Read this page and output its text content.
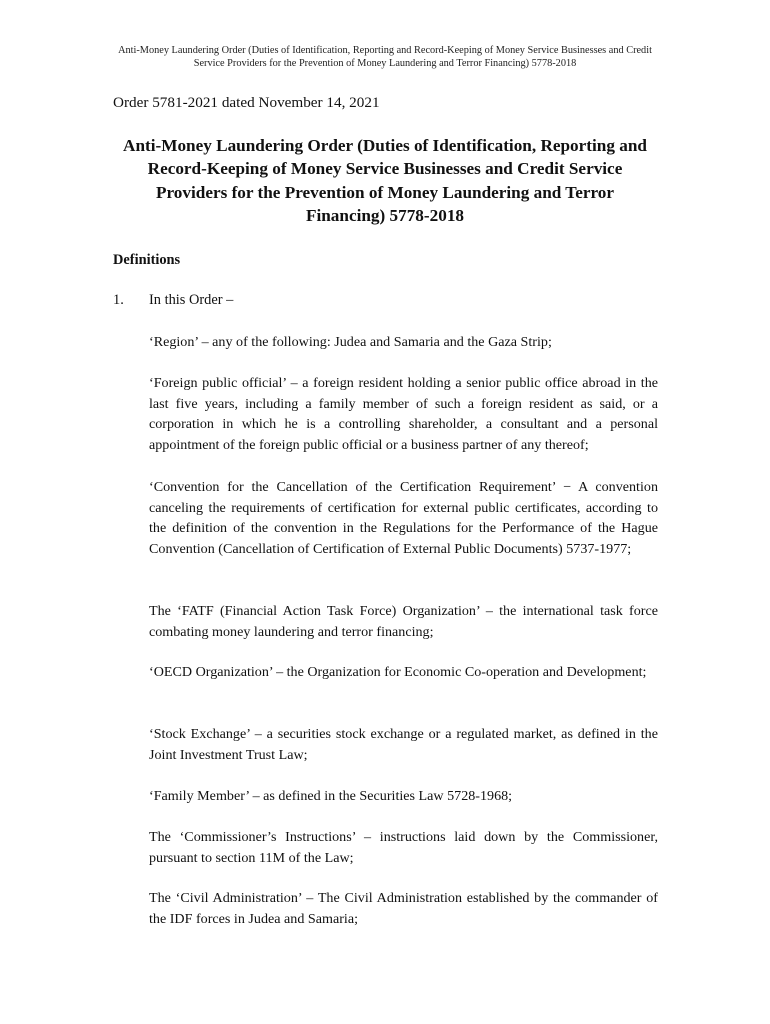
Anti-Money Laundering Order (Duties of Identification, Reporting and Record-Keeping of Money Service Businesses and Credit
Service Providers for the Prevention of Money Laundering and Terror Financing) 5778-2018
Order 5781-2021 dated November 14, 2021
Anti-Money Laundering Order (Duties of Identification, Reporting and
Record-Keeping of Money Service Businesses and Credit Service
Providers for the Prevention of Money Laundering and Terror
Financing) 5778-2018
Definitions
1. In this Order –

‘Region’ – any of the following: Judea and Samaria and the Gaza Strip;

‘Foreign public official’ – a foreign resident holding a senior public office abroad in the last five years, including a family member of such a foreign resident as said, or a corporation in which he is a controlling shareholder, a consultant and a personal appointment of the foreign public official or a business partner of any thereof;

‘Convention for the Cancellation of the Certification Requirement’ − A convention canceling the requirements of certification for external public certificates, according to the definition of the convention in the Regulations for the Performance of the Hague Convention (Cancellation of Certification of External Public Documents) 5737-1977;

The ‘FATF (Financial Action Task Force) Organization’ – the international task force combating money laundering and terror financing;

‘OECD Organization’ – the Organization for Economic Co-operation and Development;

‘Stock Exchange’ – a securities stock exchange or a regulated market, as defined in the Joint Investment Trust Law;

‘Family Member’ – as defined in the Securities Law 5728-1968;

The ‘Commissioner’s Instructions’ – instructions laid down by the Commissioner, pursuant to section 11M of the Law;

The ‘Civil Administration’ – The Civil Administration established by the commander of the IDF forces in Judea and Samaria;
